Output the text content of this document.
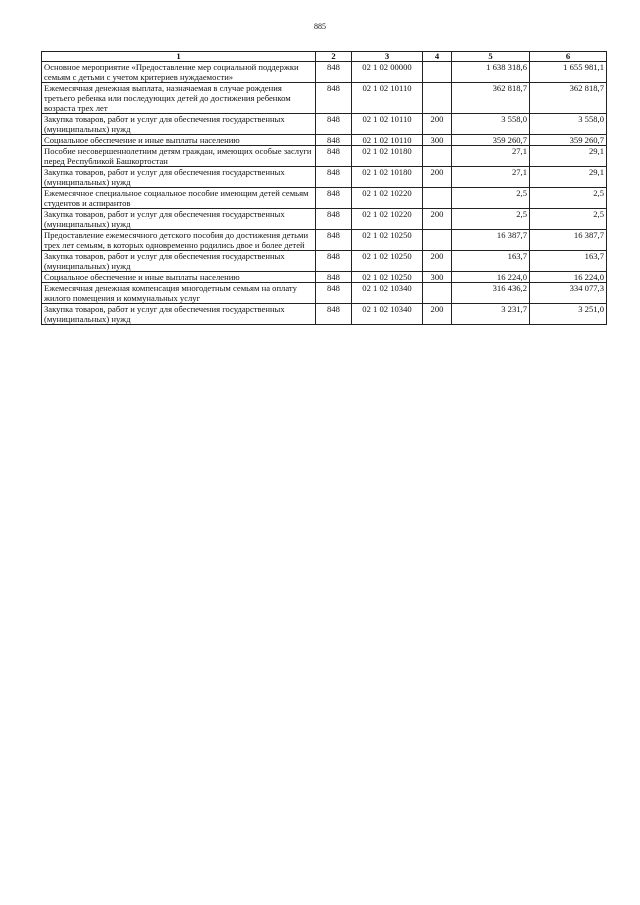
885
1	2	3	4	5	6
Основное мероприятие «Предоставление мер социальной поддержки семьям с детьми с учетом критериев нуждаемости»	848	02 1 02 00000		1 638 318,6	1 655 981,1
Ежемесячная денежная выплата, назначаемая в случае рождения третьего ребенка или последующих детей до достижения ребенком возраста трех лет	848	02 1 02 10110		362 818,7	362 818,7
Закупка товаров, работ и услуг для обеспечения государственных (муниципальных) нужд	848	02 1 02 10110	200	3 558,0	3 558,0
Социальное обеспечение и иные выплаты населению	848	02 1 02 10110	300	359 260,7	359 260,7
Пособие несовершеннолетним детям граждан, имеющих особые заслуги перед Республикой Башкортостан	848	02 1 02 10180		27,1	29,1
Закупка товаров, работ и услуг для обеспечения государственных (муниципальных) нужд	848	02 1 02 10180	200	27,1	29,1
Ежемесячное специальное социальное пособие имеющим детей семьям студентов и аспирантов	848	02 1 02 10220		2,5	2,5
Закупка товаров, работ и услуг для обеспечения государственных (муниципальных) нужд	848	02 1 02 10220	200	2,5	2,5
Предоставление ежемесячного детского пособия до достижения детьми трех лет семьям, в которых одновременно родились двое и более детей	848	02 1 02 10250		16 387,7	16 387,7
Закупка товаров, работ и услуг для обеспечения государственных (муниципальных) нужд	848	02 1 02 10250	200	163,7	163,7
Социальное обеспечение и иные выплаты населению	848	02 1 02 10250	300	16 224,0	16 224,0
Ежемесячная денежная компенсация многодетным семьям на оплату жилого помещения и коммунальных услуг	848	02 1 02 10340		316 436,2	334 077,3
Закупка товаров, работ и услуг для обеспечения государственных (муниципальных) нужд	848	02 1 02 10340	200	3 231,7	3 251,0
